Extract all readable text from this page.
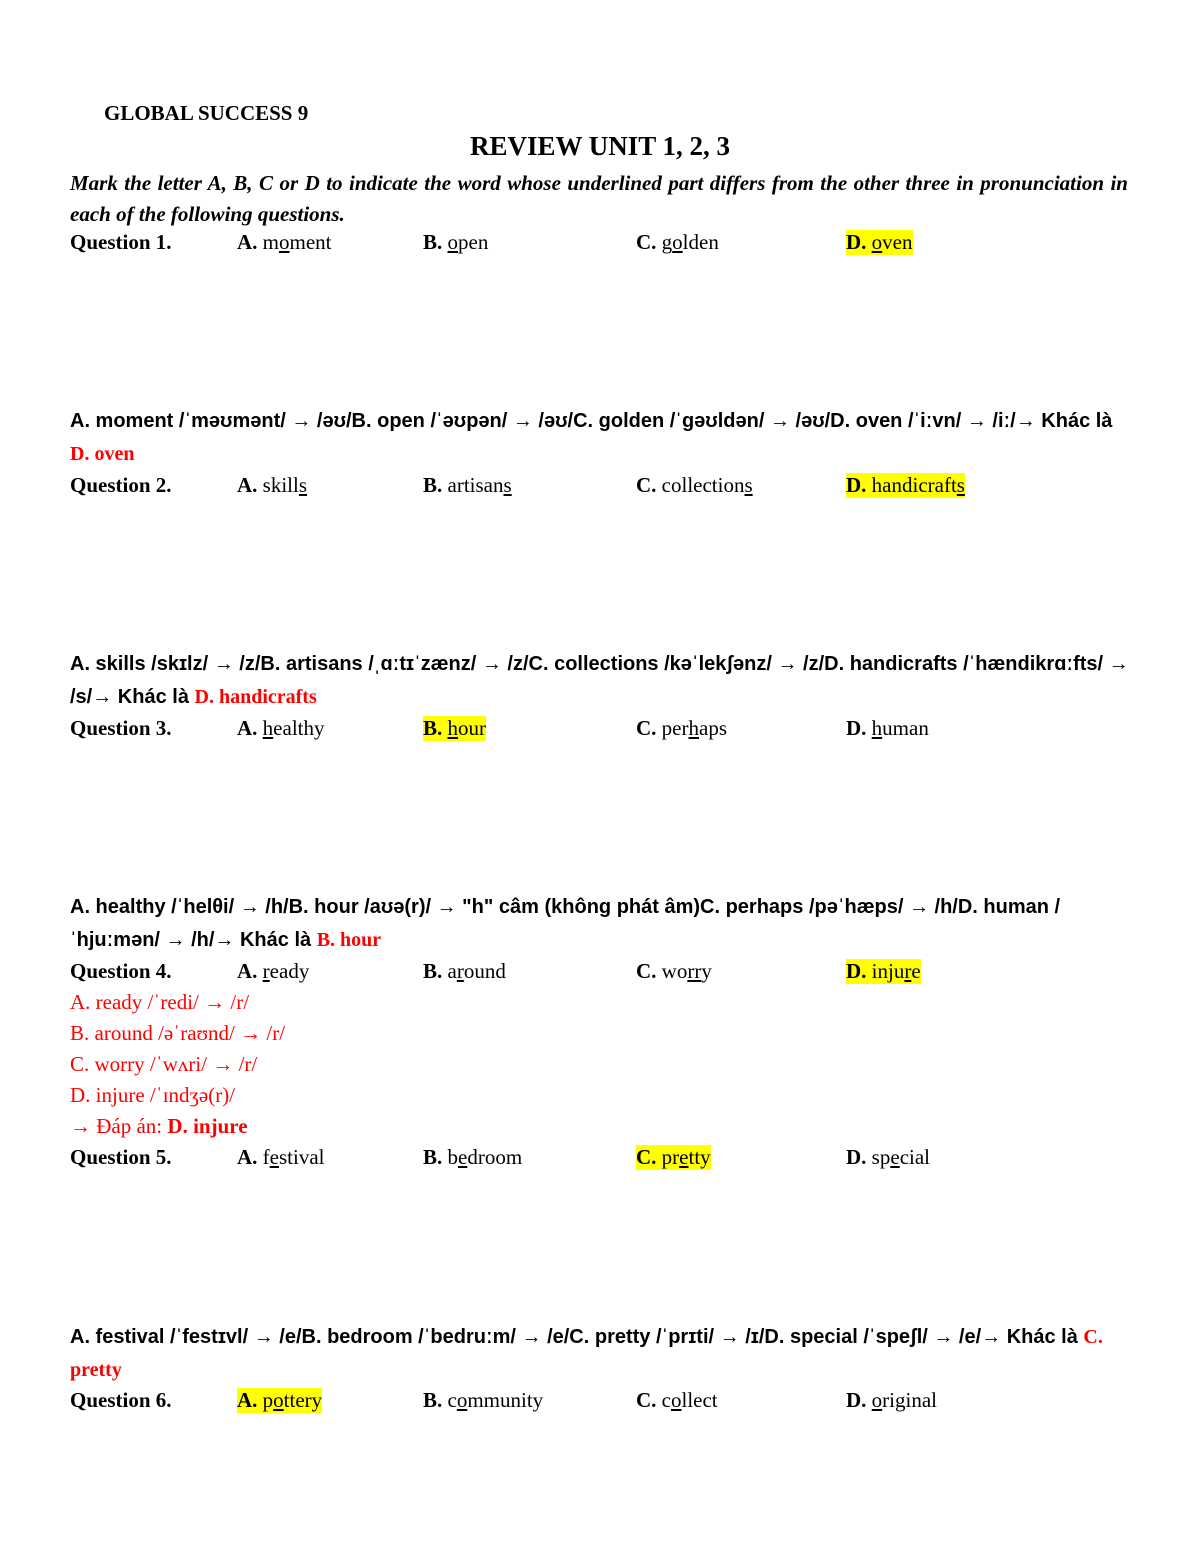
GLOBAL SUCCESS 9
REVIEW UNIT 1, 2, 3
Mark the letter A, B, C or D to indicate the word whose underlined part differs from the other three in pronunciation in each of the following questions.
Question 1.	A. moment	B. open	C. golden	D. oven
A. moment /ˈməʊmənt/ → /əʊ/B. open /ˈəʊpən/ → /əʊ/C. golden /ˈɡəʊldən/ → /əʊ/D. oven /ˈiːvn/ → /iː/→ Khác là D. oven
Question 2.	A. skills	B. artisans	C. collections	D. handicrafts
A. skills /skɪlz/ → /z/B. artisans /ˌɑːtɪˈzænz/ → /z/C. collections /kəˈlekʃənz/ → /z/D. handicrafts /ˈhændikrɑːfts/ → /s/→ Khác là D. handicrafts
Question 3.	A. healthy	B. hour	C. perhaps	D. human
A. healthy /ˈhelθi/ → /h/B. hour /aʊə(r)/ → "h" câm (không phát âm)C. perhaps /pəˈhæps/ → /h/D. human /ˈhjuːmən/ → /h/→ Khác là B. hour
Question 4.	A. ready	B. around	C. worry	D. injure
A. ready /ˈredi/ → /r/
B. around /əˈraʊnd/ → /r/
C. worry /ˈwʌri/ → /r/
D. injure /ˈɪndʒə(r)/
→ Đáp án: D. injure
Question 5.	A. festival	B. bedroom	C. pretty	D. special
A. festival /ˈfestɪvl/ → /e/B. bedroom /ˈbedruːm/ → /e/C. pretty /ˈprɪti/ → /ɪ/D. special /ˈspeʃl/ → /e/→ Khác là C. pretty
Question 6.	A. pottery	B. community	C. collect	D. original
